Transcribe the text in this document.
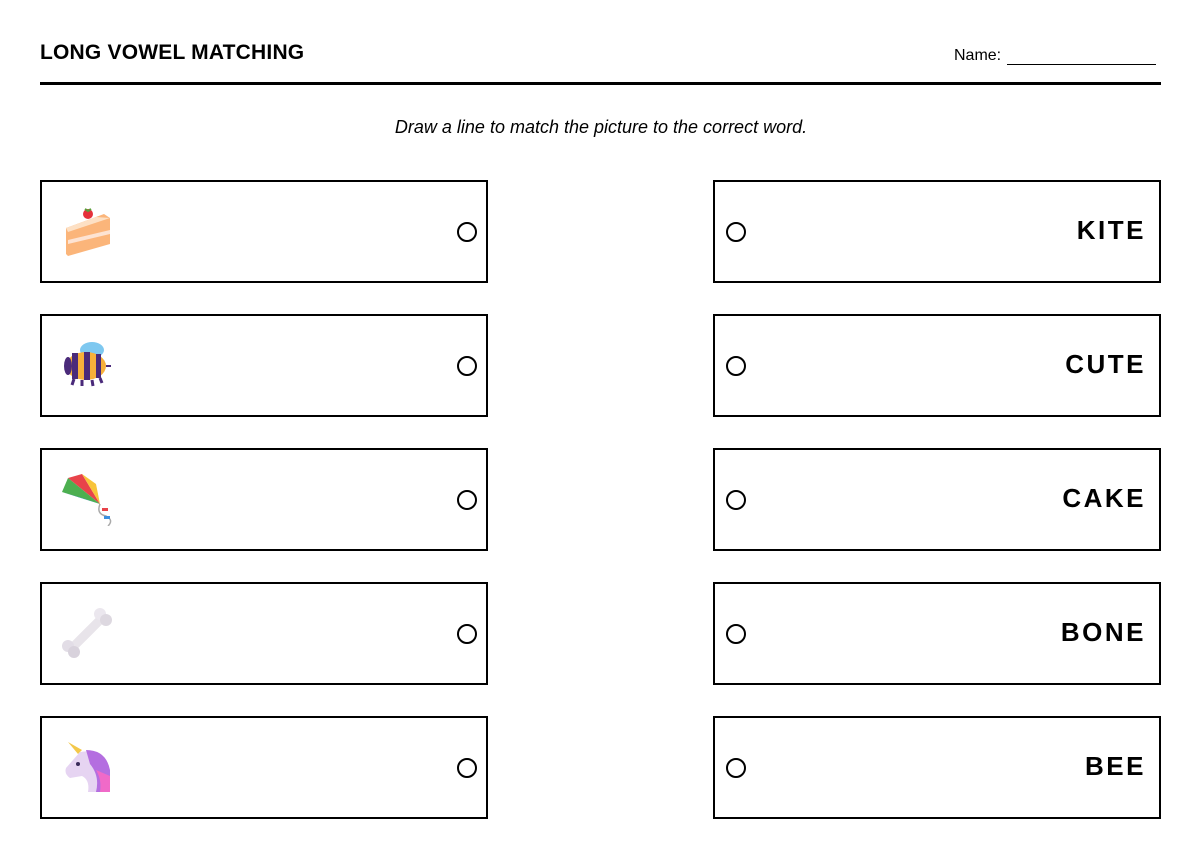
LONG VOWEL MATCHING	Name:
Draw a line to match the picture to the correct word.
KITE
CUTE
CAKE
BONE
BEE
